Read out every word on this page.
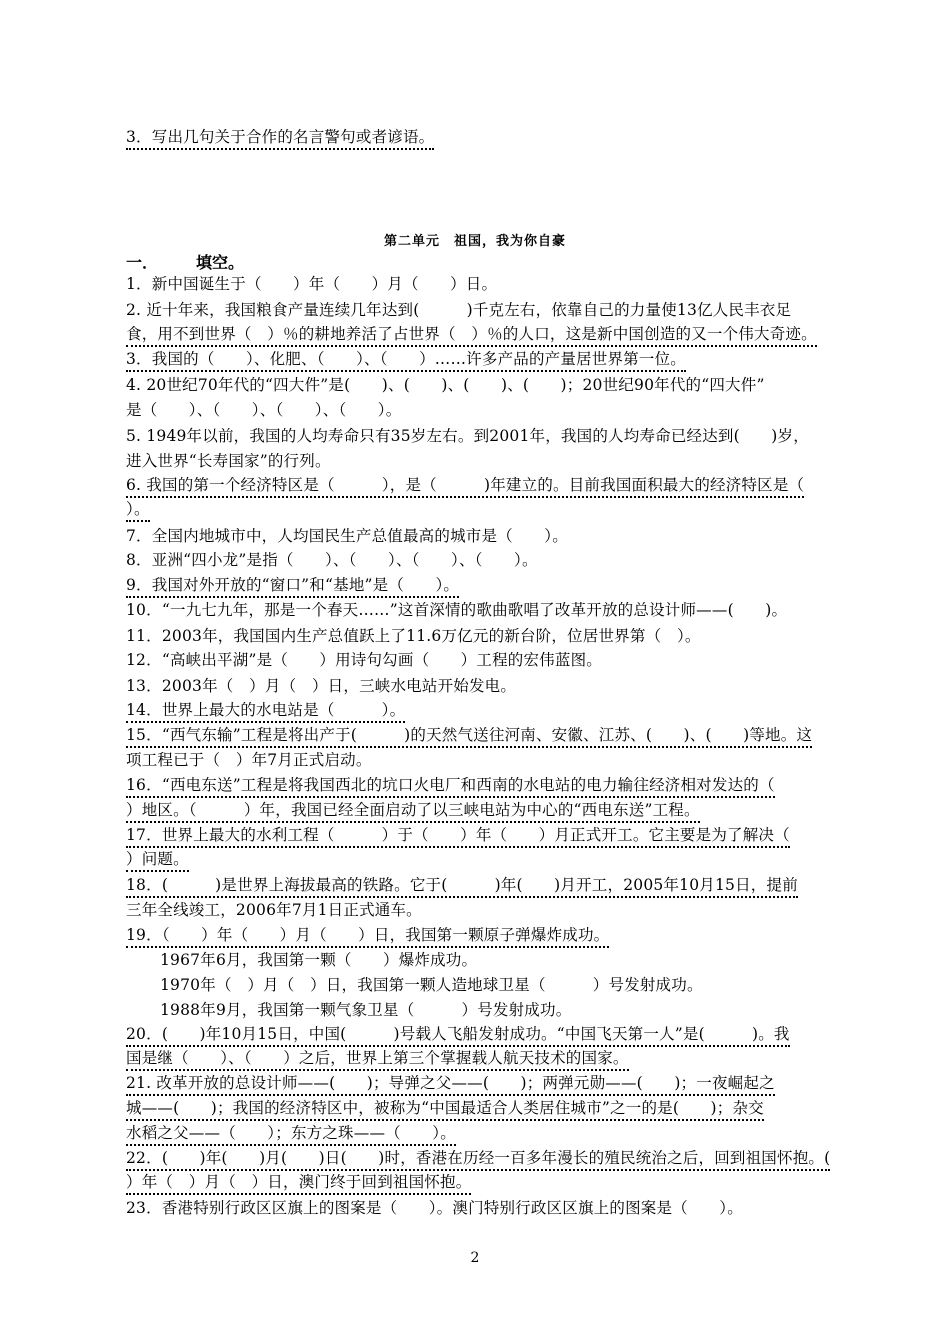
3．写出几句关于合作的名言警句或者谚语。
第二单元　祖国，我为你自豪
一． 填空。
1．新中国诞生于（　　）年（　　）月（　　）日。
2. 近十年来，我国粮食产量连续几年达到(　　　)千克左右，依靠自己的力量使13亿人民丰衣足
食，用不到世界（　）％的耕地养活了占世界（　）％的人口，这是新中国创造的又一个伟大奇迹。
3．我国的（　　）、化肥、（　　）、（　　）……许多产品的产量居世界第一位。
4. 20世纪70年代的“四大件”是(　　)、(　　)、(　　)、(　　)；20世纪90年代的“四大件”
是（　　）、（　　）、（　　）、（　　）。
5. 1949年以前，我国的人均寿命只有35岁左右。到2001年，我国的人均寿命已经达到(　　)岁，
进入世界“长寿国家”的行列。
6. 我国的第一个经济特区是（　　　），是（　　　)年建立的。目前我国面积最大的经济特区是（
）。
7．全国内地城市中，人均国民生产总值最高的城市是（　　）。
8．亚洲“四小龙”是指（　　）、（　　）、（　　）、（　　）。
9．我国对外开放的“窗口”和“基地”是（　　）。
10．“一九七九年，那是一个春天……”这首深情的歌曲歌唱了改革开放的总设计师——(　　)。
11．2003年，我国国内生产总值跃上了11.6万亿元的新台阶，位居世界第（　）。
12．“高峡出平湖”是（　　）用诗句勾画（　　）工程的宏伟蓝图。
13．2003年（　）月（　）日，三峡水电站开始发电。
14．世界上最大的水电站是（　　　）。
15．“西气东输”工程是将出产于(　　　)的天然气送往河南、安徽、江苏、(　　)、(　　)等地。这
项工程已于（　）年7月正式启动。
16．“西电东送”工程是将我国西北的坑口火电厂和西南的水电站的电力输往经济相对发达的（
）地区。（　　　）年，我国已经全面启动了以三峡电站为中心的“西电东送”工程。
17．世界上最大的水利工程（　　　）于（　　）年（　　）月正式开工。它主要是为了解决（
）问题。
18．(　　　)是世界上海拔最高的铁路。它于(　　　)年(　　)月开工，2005年10月15日，提前
三年全线竣工，2006年7月1日正式通车。
19．（　　）年（　　）月（　　）日，我国第一颗原子弹爆炸成功。
1967年6月，我国第一颗（　　）爆炸成功。
1970年（　）月（　）日，我国第一颗人造地球卫星（　　　）号发射成功。
1988年9月，我国第一颗气象卫星（　　　）号发射成功。
20．(　　)年10月15日，中国(　　　)号载人飞船发射成功。“中国飞天第一人”是(　　　)。我
国是继（　　）、（　　）之后，世界上第三个掌握载人航天技术的国家。
21. 改革开放的总设计师——(　　)；导弹之父——(　　)；两弹元勋——(　　)；一夜崛起之
城——(　　)；我国的经济特区中，被称为“中国最适合人类居住城市”之一的是(　　)；杂交
水稻之父——（　　）；东方之珠——（　　）。
22．(　　)年(　　)月(　　)日(　　)时，香港在历经一百多年漫长的殖民统治之后，回到祖国怀抱。(
）年（　）月（　）日，澳门终于回到祖国怀抱。
23．香港特别行政区区旗上的图案是（　　）。澳门特别行政区区旗上的图案是（　　）。
2
